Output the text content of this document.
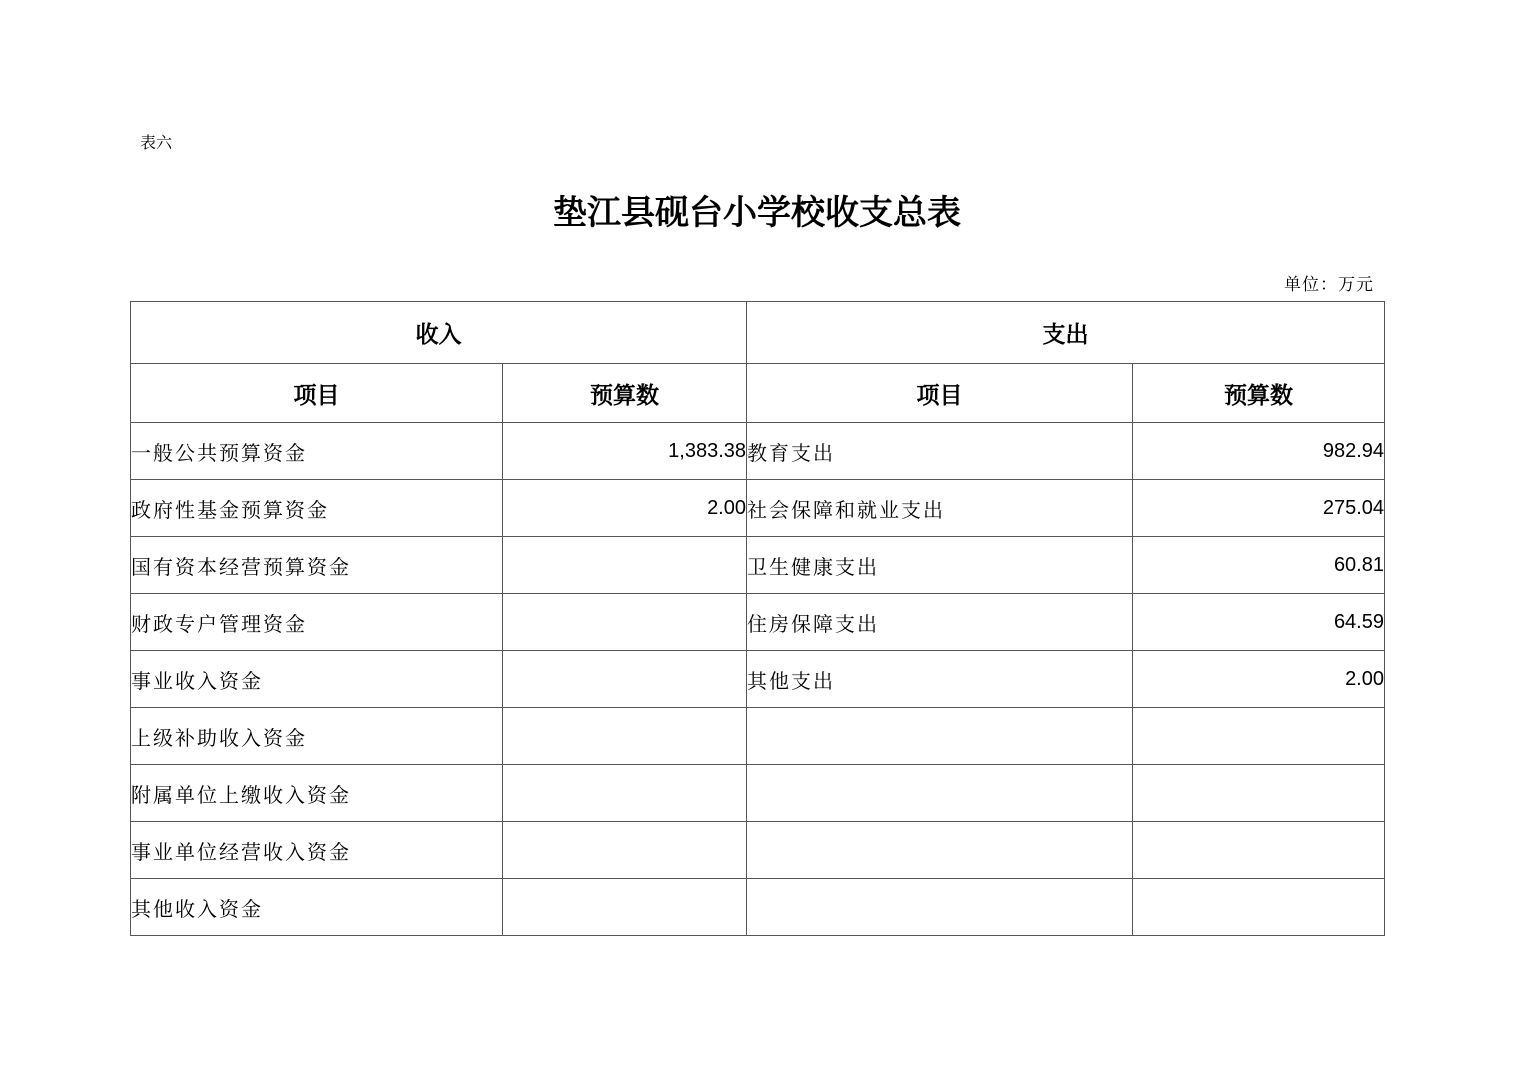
表六
垫江县砚台小学校收支总表
单位：万元
收入		支出	
项目	预算数	项目	预算数
一般公共预算资金	1,383.38	教育支出	982.94
政府性基金预算资金	2.00	社会保障和就业支出	275.04
国有资本经营预算资金		卫生健康支出	60.81
财政专户管理资金		住房保障支出	64.59
事业收入资金		其他支出	2.00
上级补助收入资金			
附属单位上缴收入资金			
事业单位经营收入资金			
其他收入资金			
